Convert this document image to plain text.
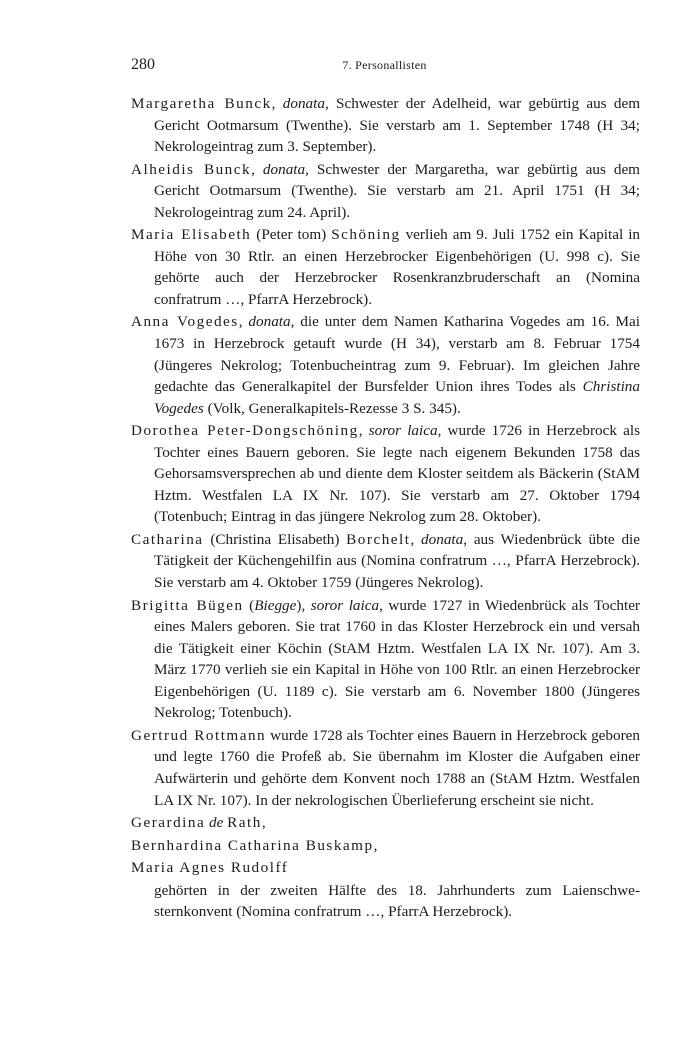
280	7. Personallisten

Margaretha Bunck, donata, Schwester der Adelheid, war gebürtig aus dem Gericht Ootmarsum (Twenthe). Sie verstarb am 1. September 1748 (H 34; Nekrologeintrag zum 3. September).

Alheidis Bunck, donata, Schwester der Margaretha, war gebürtig aus dem Gericht Ootmarsum (Twenthe). Sie verstarb am 21. April 1751 (H 34; Nekrologeintrag zum 24. April).

Maria Elisabeth (Peter tom) Schöning verlieh am 9. Juli 1752 ein Kapital in Höhe von 30 Rtlr. an einen Herzebrocker Eigenbehörigen (U. 998 c). Sie gehörte auch der Herzebrocker Rosenkranzbruderschaft an (Nomina confratrum …, PfarrA Herzebrock).

Anna Vogedes, donata, die unter dem Namen Katharina Vogedes am 16. Mai 1673 in Herzebrock getauft wurde (H 34), verstarb am 8. Februar 1754 (Jüngeres Nekrolog; Totenbucheintrag zum 9. Februar). Im gleichen Jahre gedachte das Generalkapitel der Bursfelder Union ihres Todes als Christina Vogedes (Volk, Generalkapitels-Rezesse 3 S. 345).

Dorothea Peter-Dongschöning, soror laica, wurde 1726 in Herzebrock als Tochter eines Bauern geboren. Sie legte nach eigenem Bekunden 1758 das Gehorsamsversprechen ab und diente dem Kloster seitdem als Bäckerin (StAM Hztm. Westfalen LA IX Nr. 107). Sie verstarb am 27. Oktober 1794 (Totenbuch; Eintrag in das jüngere Nekrolog zum 28. Oktober).

Catharina (Christina Elisabeth) Borchelt, donata, aus Wiedenbrück übte die Tätigkeit der Küchengehilfin aus (Nomina confratrum …, PfarrA Herzebrock). Sie verstarb am 4. Oktober 1759 (Jüngeres Nekrolog).

Brigitta Bügen (Biegge), soror laica, wurde 1727 in Wiedenbrück als Tochter eines Malers geboren. Sie trat 1760 in das Kloster Herzebrock ein und versah die Tätigkeit einer Köchin (StAM Hztm. Westfalen LA IX Nr. 107). Am 3. März 1770 verlieh sie ein Kapital in Höhe von 100 Rtlr. an einen Herzebrocker Eigenbehörigen (U. 1189 c). Sie verstarb am 6. November 1800 (Jüngeres Nekrolog; Totenbuch).

Gertrud Rottmann wurde 1728 als Tochter eines Bauern in Herzebrock geboren und legte 1760 die Profeß ab. Sie übernahm im Kloster die Aufgaben einer Aufwärterin und gehörte dem Konvent noch 1788 an (StAM Hztm. Westfalen LA IX Nr. 107). In der nekrologischen Überlieferung erscheint sie nicht.

Gerardina de Rath,

Bernhardina Catharina Buskamp,

Maria Agnes Rudolff

gehörten in der zweiten Hälfte des 18. Jahrhunderts zum Laienschwesternkonvent (Nomina confratrum …, PfarrA Herzebrock).
